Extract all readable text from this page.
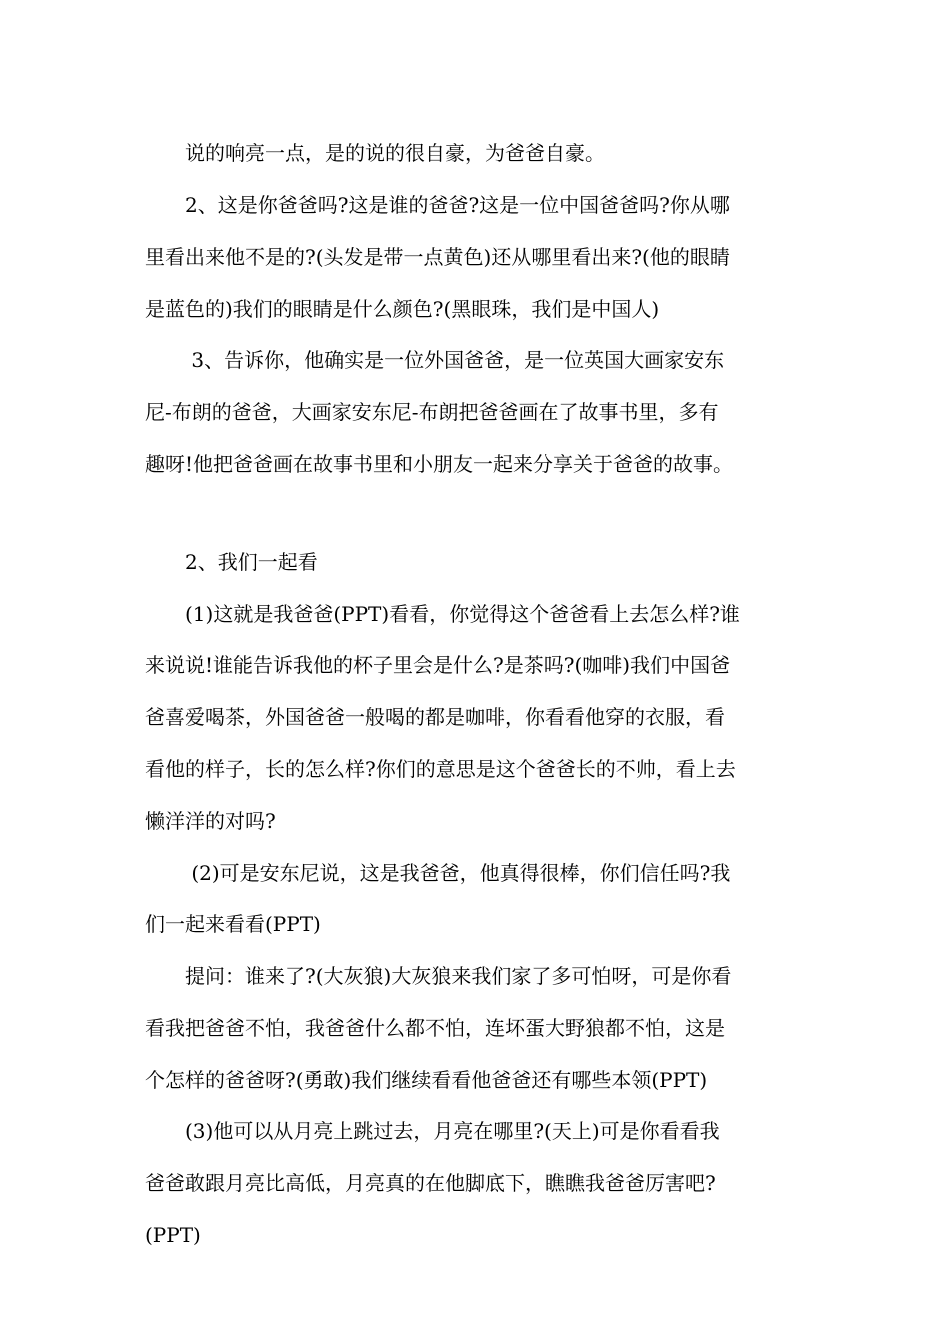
　　说的响亮一点，是的说的很自豪，为爸爸自豪。
　　2、这是你爸爸吗?这是谁的爸爸?这是一位中国爸爸吗?你从哪
里看出来他不是的?(头发是带一点黄色)还从哪里看出来?(他的眼睛
是蓝色的)我们的眼睛是什么颜色?(黑眼珠，我们是中国人)
　　 3、告诉你，他确实是一位外国爸爸，是一位英国大画家安东
尼-布朗的爸爸，大画家安东尼-布朗把爸爸画在了故事书里，多有
趣呀!他把爸爸画在故事书里和小朋友一起来分享关于爸爸的故事。
　　2、我们一起看
　　(1)这就是我爸爸(PPT)看看，你觉得这个爸爸看上去怎么样?谁
来说说!谁能告诉我他的杯子里会是什么?是茶吗?(咖啡)我们中国爸
爸喜爱喝茶，外国爸爸一般喝的都是咖啡，你看看他穿的衣服，看
看他的样子，长的怎么样?你们的意思是这个爸爸长的不帅，看上去
懒洋洋的对吗?
　　 (2)可是安东尼说，这是我爸爸，他真得很棒，你们信任吗?我
们一起来看看(PPT)
　　提问：谁来了?(大灰狼)大灰狼来我们家了多可怕呀，可是你看
看我把爸爸不怕，我爸爸什么都不怕，连坏蛋大野狼都不怕，这是
个怎样的爸爸呀?(勇敢)我们继续看看他爸爸还有哪些本领(PPT)
　　(3)他可以从月亮上跳过去，月亮在哪里?(天上)可是你看看我
爸爸敢跟月亮比高低，月亮真的在他脚底下，瞧瞧我爸爸厉害吧?
(PPT)
